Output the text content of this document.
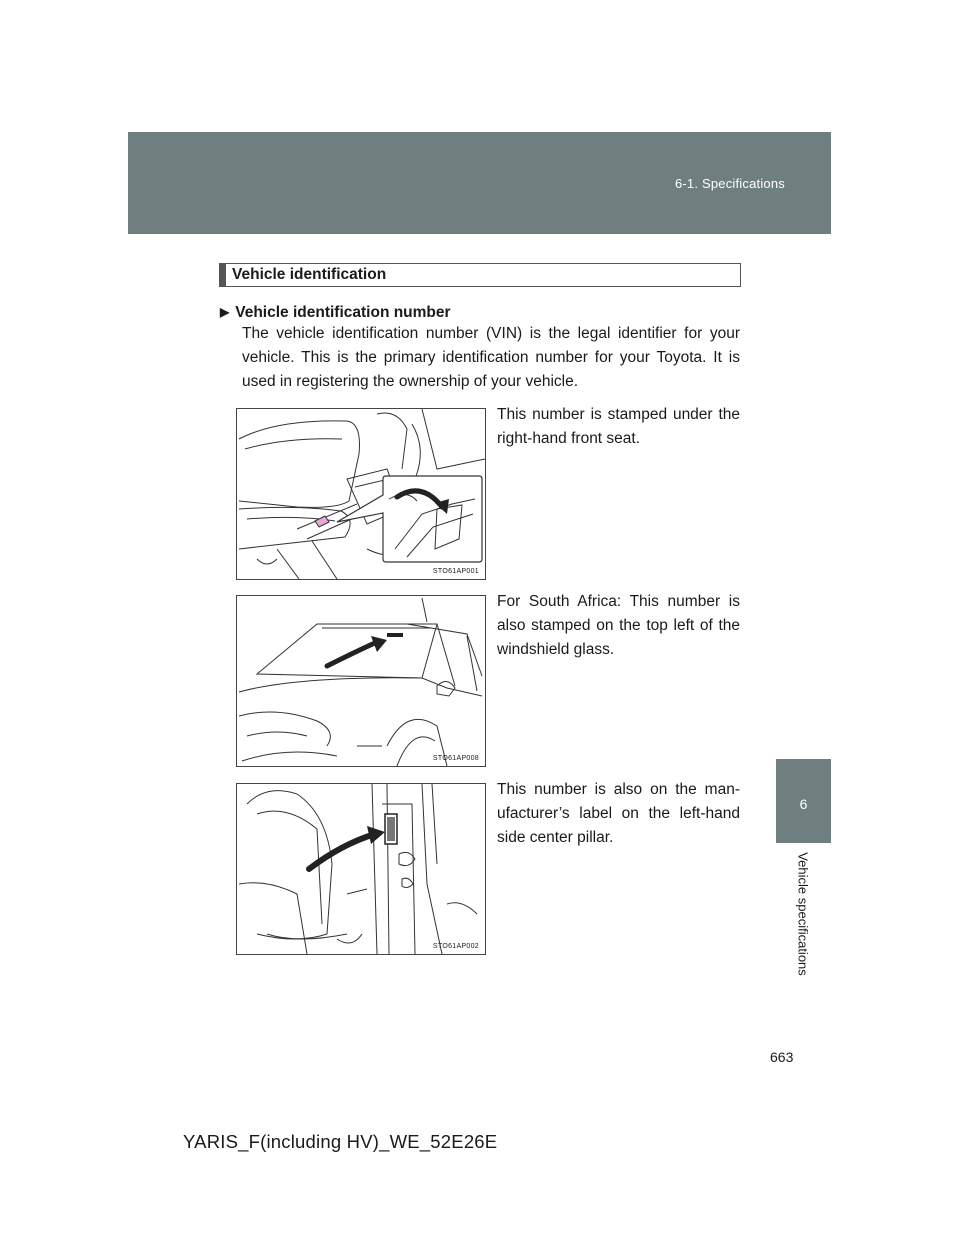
6-1. Specifications
6
Vehicle specifications
Vehicle identification
▶ Vehicle identification number

The vehicle identification number (VIN) is the legal identifier for your vehicle. This is the primary identification number for your Toyota. It is used in registering the ownership of your vehicle.

STO61AP001

This number is stamped under the right-hand front seat.

STO61AP008

For South Africa: This number is also stamped on the top left of the windshield glass.

STO61AP002

This number is also on the man-ufacturer’s label on the left-hand side center pillar.

663
YARIS_F(including HV)_WE_52E26E
